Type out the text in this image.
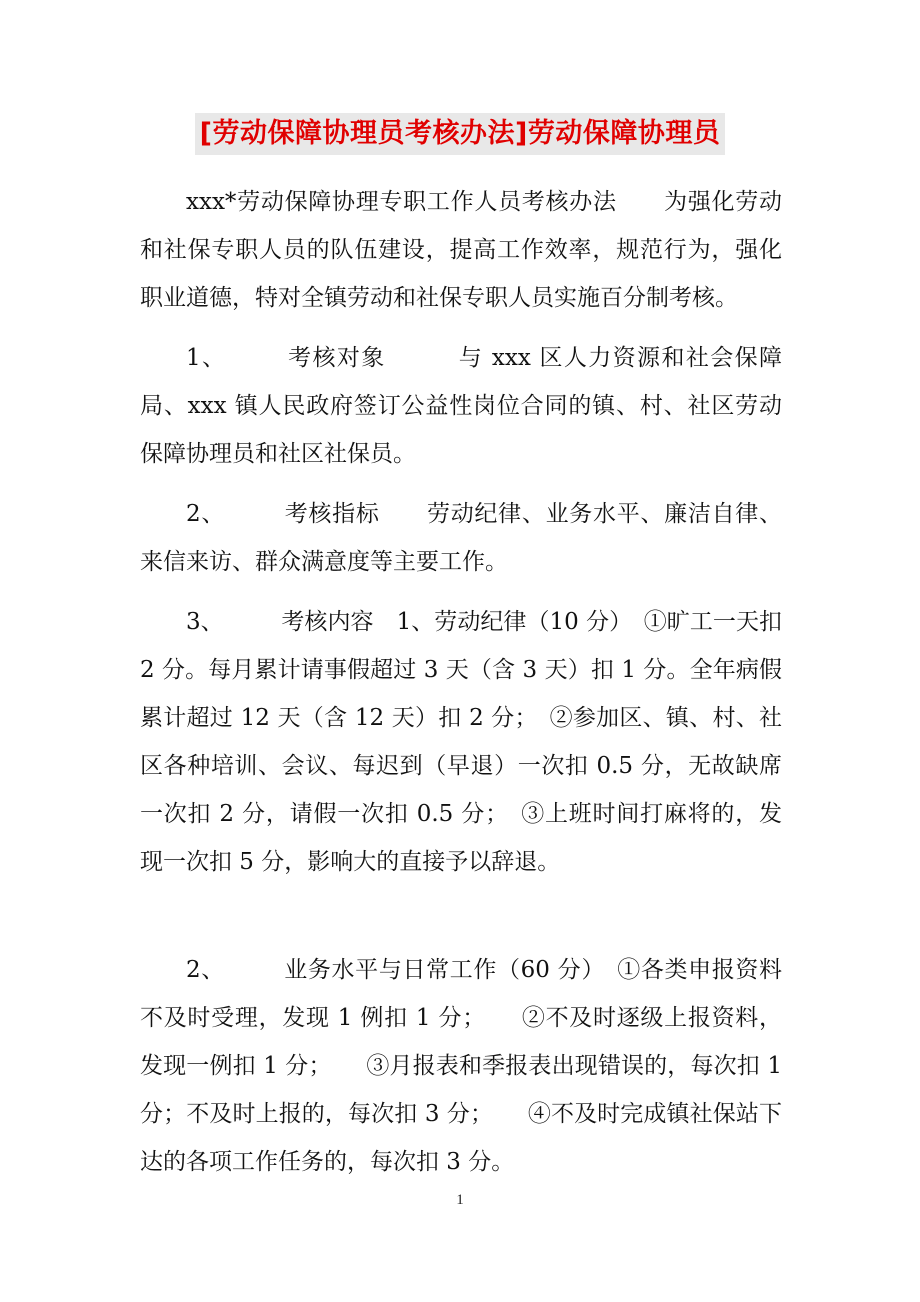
[劳动保障协理员考核办法]劳动保障协理员

xxx*劳动保障协理专职工作人员考核办法　　为强化劳动和社保专职人员的队伍建设，提高工作效率，规范行为，强化职业道德，特对全镇劳动和社保专职人员实施百分制考核。

1、　　　考核对象　　　与 xxx 区人力资源和社会保障局、xxx 镇人民政府签订公益性岗位合同的镇、村、社区劳动保障协理员和社区社保员。

2、　　　考核指标　　劳动纪律、业务水平、廉洁自律、来信来访、群众满意度等主要工作。

3、　　　考核内容　1、劳动纪律（10 分）　①旷工一天扣 2 分。每月累计请事假超过 3 天（含 3 天）扣 1 分。全年病假累计超过 12 天（含 12 天）扣 2 分；　②参加区、镇、村、社区各种培训、会议、每迟到（早退）一次扣 0.5 分，无故缺席一次扣 2 分，请假一次扣 0.5 分；　③上班时间打麻将的，发现一次扣 5 分，影响大的直接予以辞退。

2、　　　业务水平与日常工作（60 分）　①各类申报资料不及时受理，发现 1 例扣 1 分；　　②不及时逐级上报资料，发现一例扣 1 分；　　③月报表和季报表出现错误的，每次扣 1 分；不及时上报的，每次扣 3 分；　　④不及时完成镇社保站下达的各项工作任务的，每次扣 3 分。

1
